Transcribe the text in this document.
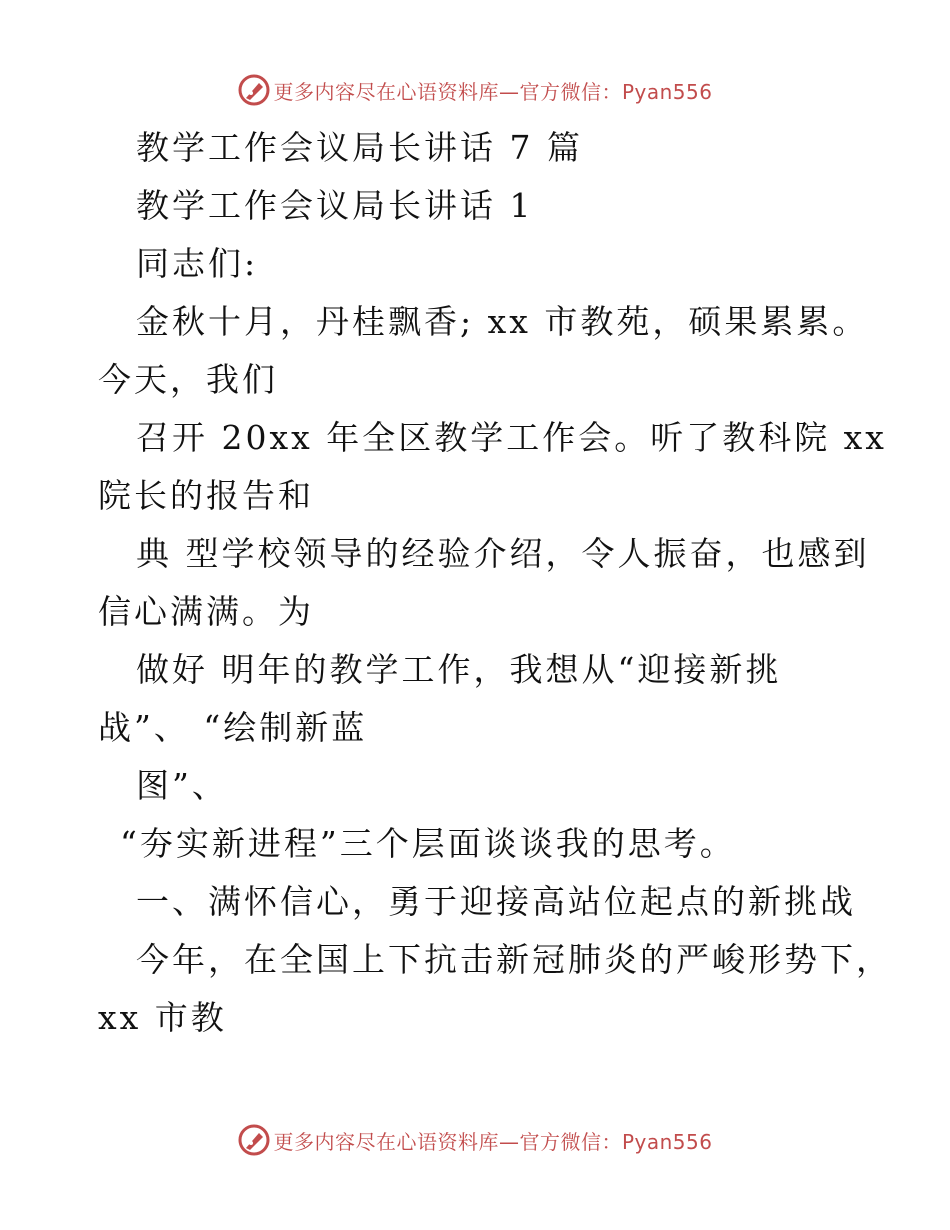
更多内容尽在心语资料库—官方微信：Pyan556
教学工作会议局长讲话 7 篇
教学工作会议局长讲话 1
同志们:
金秋十月，丹桂飘香; xx 市教苑，硕果累累。
今天，我们
召开 20xx 年全区教学工作会。听了教科院 xx
院长的报告和
典 型学校领导的经验介绍，令人振奋，也感到
信心满满。为
做好 明年的教学工作，我想从“迎接新挑
战”、 “绘制新蓝
图”、
“夯实新进程”三个层面谈谈我的思考。
一、满怀信心，勇于迎接高站位起点的新挑战
今年，在全国上下抗击新冠肺炎的严峻形势下，
xx 市教
更多内容尽在心语资料库—官方微信：Pyan556
